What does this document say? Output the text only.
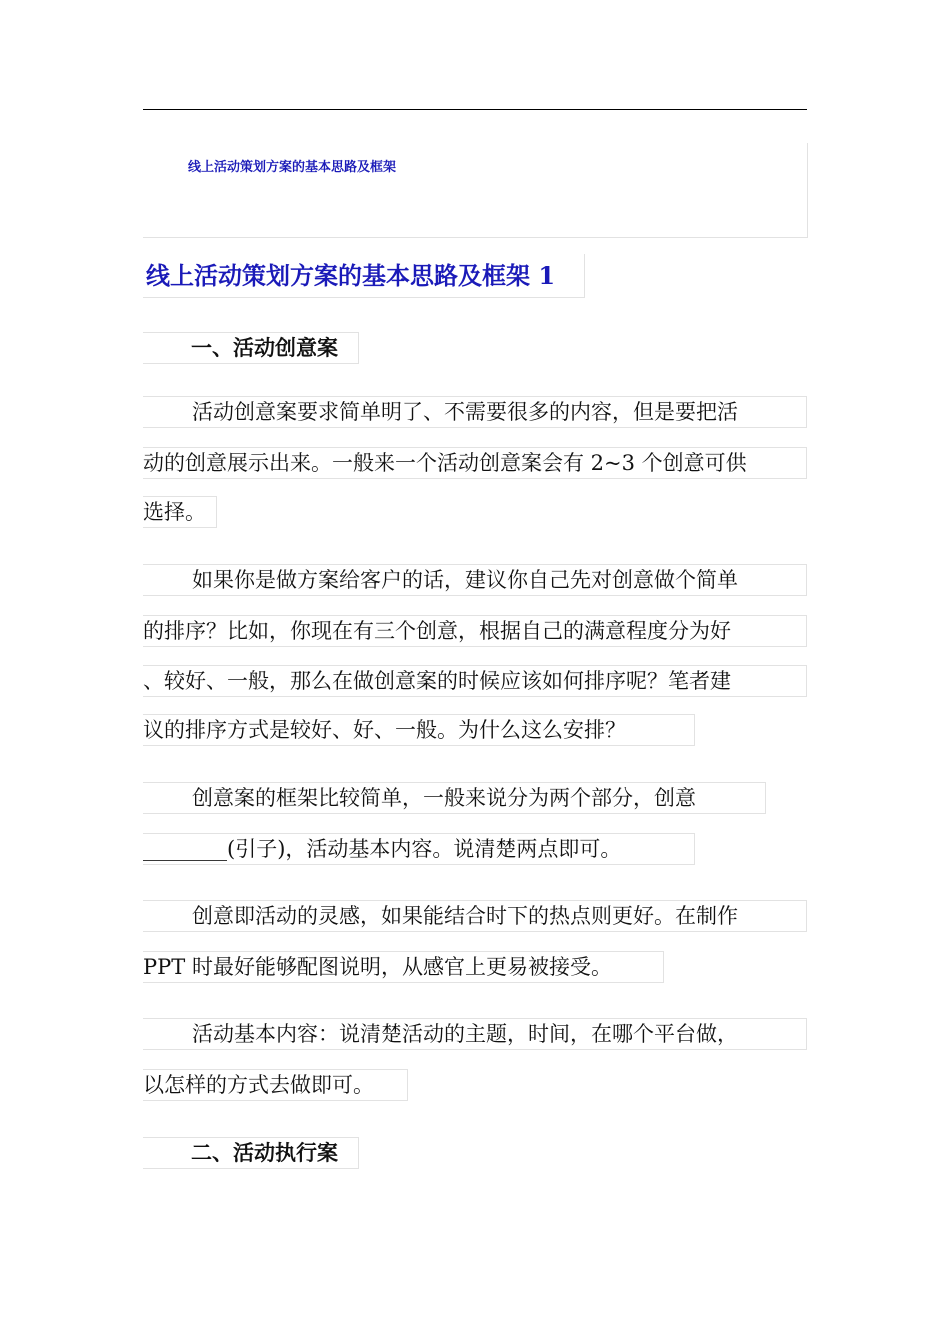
线上活动策划方案的基本思路及框架
线上活动策划方案的基本思路及框架 1
一、活动创意案
活动创意案要求简单明了、不需要很多的内容，但是要把活
动的创意展示出来。一般来一个活动创意案会有 2~3 个创意可供
选择。
如果你是做方案给客户的话，建议你自己先对创意做个简单
的排序？比如，你现在有三个创意，根据自己的满意程度分为好
、较好、一般，那么在做创意案的时候应该如何排序呢？笔者建
议的排序方式是较好、好、一般。为什么这么安排？
创意案的框架比较简单，一般来说分为两个部分，创意
________(引子)，活动基本内容。说清楚两点即可。
创意即活动的灵感，如果能结合时下的热点则更好。在制作
PPT 时最好能够配图说明，从感官上更易被接受。
活动基本内容：说清楚活动的主题，时间，在哪个平台做，
以怎样的方式去做即可。
二、活动执行案
